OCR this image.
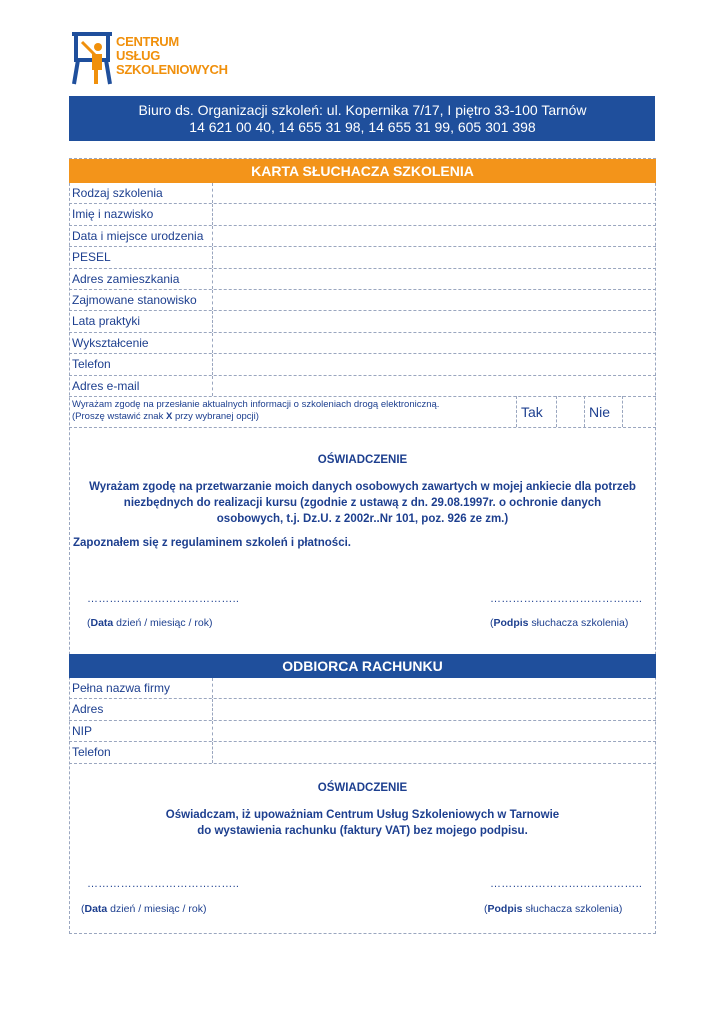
CENTRUM
USŁUG
SZKOLENIOWYCH
Biuro ds. Organizacji szkoleń: ul. Kopernika 7/17, I piętro 33-100 Tarnów
14 621 00 40, 14 655 31 98, 14 655 31 99, 605 301 398
KARTA SŁUCHACZA SZKOLENIA
Rodzaj szkolenia
Imię i nazwisko
Data i miejsce urodzenia
PESEL
Adres zamieszkania
Zajmowane stanowisko
Lata praktyki
Wykształcenie
Telefon
Adres e-mail
Wyrażam zgodę na przesłanie aktualnych informacji o szkoleniach drogą elektroniczną.
(Proszę wstawić znak X przy wybranej opcji)	Tak	Nie
OŚWIADCZENIE
Wyrażam zgodę na przetwarzanie moich danych osobowych zawartych w mojej ankiecie dla potrzeb
niezbędnych do realizacji kursu (zgodnie z ustawą z dn. 29.08.1997r. o ochronie danych
osobowych, t.j. Dz.U. z 2002r..Nr 101, poz. 926 ze zm.)
Zapoznałem się z regulaminem szkoleń i płatności.
…………………………………..	…………………………………..
(Data dzień / miesiąc / rok)	(Podpis słuchacza szkolenia)
ODBIORCA RACHUNKU
Pełna nazwa firmy
Adres
NIP
Telefon
OŚWIADCZENIE
Oświadczam, iż upoważniam Centrum Usług Szkoleniowych w Tarnowie
do wystawienia rachunku (faktury VAT) bez mojego podpisu.
…………………………………..	…………………………………..
(Data dzień / miesiąc / rok)	(Podpis słuchacza szkolenia)
